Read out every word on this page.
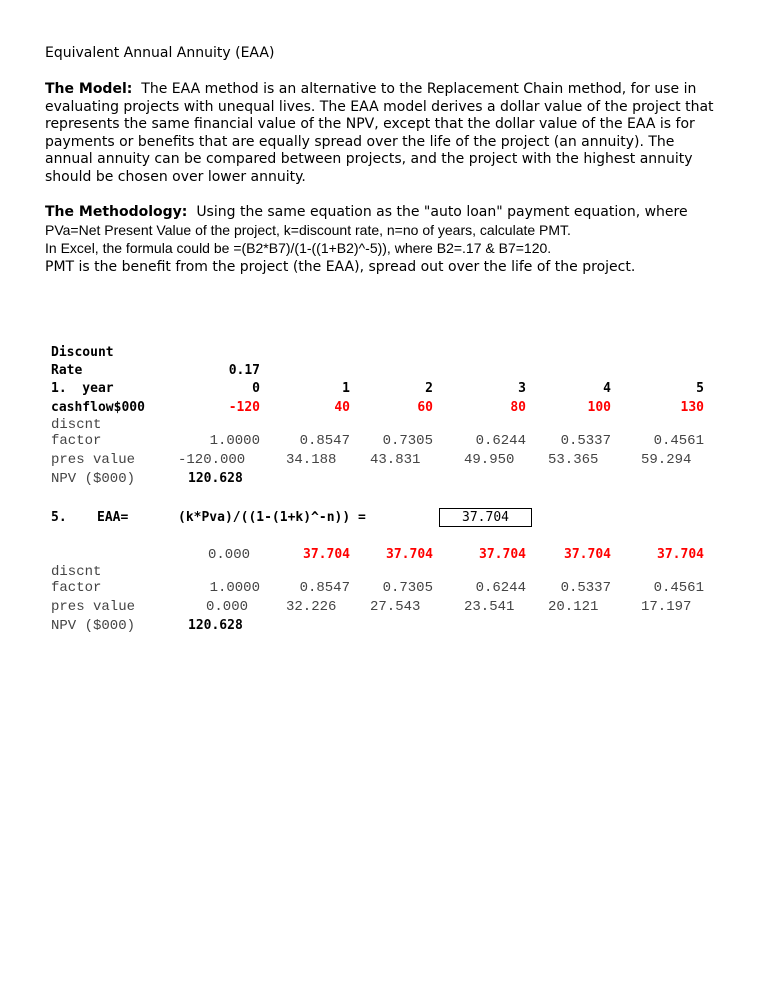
Equivalent Annual Annuity (EAA)
The Model: The EAA method is an alternative to the Replacement Chain method, for use in evaluating projects with unequal lives. The EAA model derives a dollar value of the project that represents the same financial value of the NPV, except that the dollar value of the EAA is for payments or benefits that are equally spread over the life of the project (an annuity). The annual annuity can be compared between projects, and the project with the highest annuity should be chosen over lower annuity.
The Methodology: Using the same equation as the "auto loan" payment equation, where PVa=Net Present Value of the project, k=discount rate, n=no of years, calculate PMT.
In Excel, the formula could be =(B2*B7)/(1-((1+B2)^-5)), where B2=.17 & B7=120.
PMT is the benefit from the project (the EAA), spread out over the life of the project.
Discount
Rate	0.17
1.  year	0	1	2	3	4	5
cashflow$000	-120	40	60	80	100	130
discnt
factor	1.0000	0.8547	0.7305	0.6244	0.5337	0.4561
pres value	-120.000	34.188 43.831	49.950 53.365	59.294
NPV ($000)	120.628
5. EAA=	(k*Pva)/((1-(1+k)^-n)) =	37.704
0.000	37.704	37.704	37.704	37.704	37.704
discnt
factor	1.0000	0.8547	0.7305	0.6244	0.5337	0.4561
pres value	0.000	32.226 27.543	23.541 20.121	17.197
NPV ($000)	120.628
